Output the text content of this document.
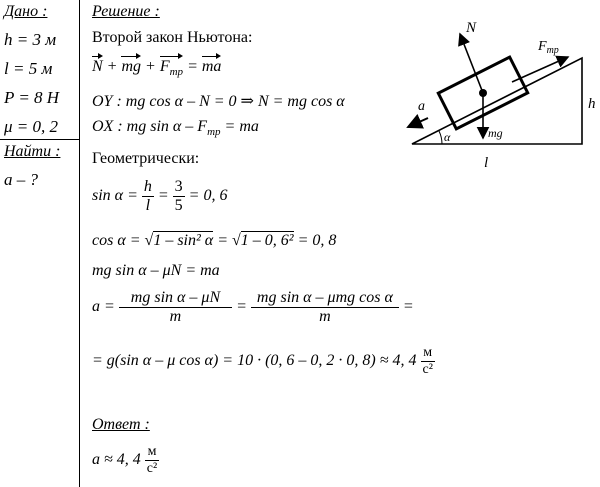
Дано :
h = 3 м
l = 5 м
P = 8 Н
μ = 0, 2
Найти :
a – ?
Решение :
Второй закон Ньютона:
N + mg + $F_{тр}$ = ma
OY : mg cos α – N = 0 ⇒ N = mg cos α
OX : mg sin α – $F_{тр}$ = ma
Геометрически:
$\sin \alpha = \frac{h}{l} = \frac{3}{5} = 0$, 6
cos α = √1 – sin² α = √1 – 0, 6² = 0, 8
mg sin α – μN = ma
$a = \frac{\text{mg sin α – μN}}{m} = \frac{\text{mg sin α – μmg cos α}}{m}$ =
= g(sin α – μ cos α) = 10 · (0, 6 – 0, 2 · 0, 8) ≈ 4, $4 \frac{м}{\text{с²}}$
Ответ :
a ≈ 4, $4 \frac{м}{\text{с²}}$
N
$F_{тр}$
a
α	mg
h
l
